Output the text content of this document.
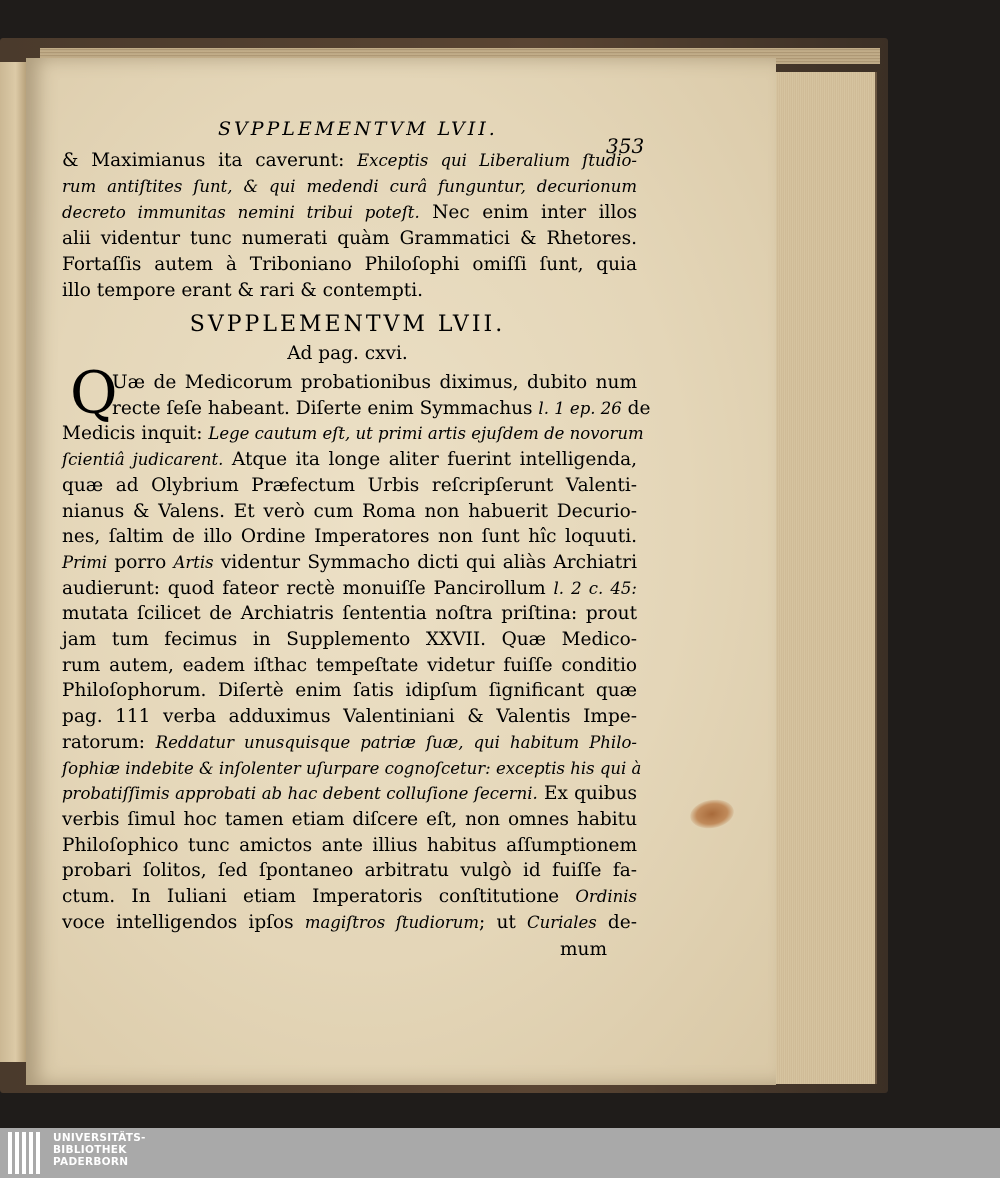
SVPPLEMENTVM LVII.
353
& Maximianus ita caverunt: Exceptis qui Liberalium ſtudio-
rum antiſtites ſunt, & qui medendi curâ funguntur, decurionum
decreto immunitas nemini tribui poteſt. Nec enim inter illos
alii videntur tunc numerati quàm Grammatici & Rhetores.
Fortaſſis autem à Triboniano Philoſophi omiſſi ſunt, quia
illo tempore erant & rari & contempti.
SVPPLEMENTVM LVII.
Ad pag. cxvi.
Q
Uæ de Medicorum probationibus diximus, dubito num
recte ſeſe habeant. Diſerte enim Symmachus l. 1 ep. 26 de
Medicis inquit: Lege cautum eſt, ut primi artis ejuſdem de novorum
ſcientiâ judicarent. Atque ita longe aliter fuerint intelligenda,
quæ ad Olybrium Præfectum Urbis reſcripſerunt Valenti-
nianus & Valens. Et verò cum Roma non habuerit Decurio-
nes, ſaltim de illo Ordine Imperatores non ſunt hîc loquuti.
Primi porro Artis videntur Symmacho dicti qui aliàs Archiatri
audierunt: quod fateor rectè monuiſſe Pancirollum l. 2 c. 45:
mutata ſcilicet de Archiatris ſententia noſtra priſtina: prout
jam tum fecimus in Supplemento XXVII. Quæ Medico-
rum autem, eadem iſthac tempeſtate videtur fuiſſe conditio
Philoſophorum. Diſertè enim ſatis idipſum ſignificant quæ
pag. 111 verba adduximus Valentiniani & Valentis Impe-
ratorum: Reddatur unusquisque patriæ ſuæ, qui habitum Philo-
ſophiæ indebite & inſolenter uſurpare cognoſcetur: exceptis his qui à
probatiſſimis approbati ab hac debent colluſione ſecerni. Ex quibus
verbis ſimul hoc tamen etiam diſcere eſt, non omnes habitu
Philoſophico tunc amictos ante illius habitus aſſumptionem
probari ſolitos, ſed ſpontaneo arbitratu vulgò id fuiſſe fa-
ctum. In Iuliani etiam Imperatoris conſtitutione Ordinis
voce intelligendos ipſos magiſtros ſtudiorum; ut Curiales de-
mum
UNIVERSITÄTS-
BIBLIOTHEK
PADERBORN
